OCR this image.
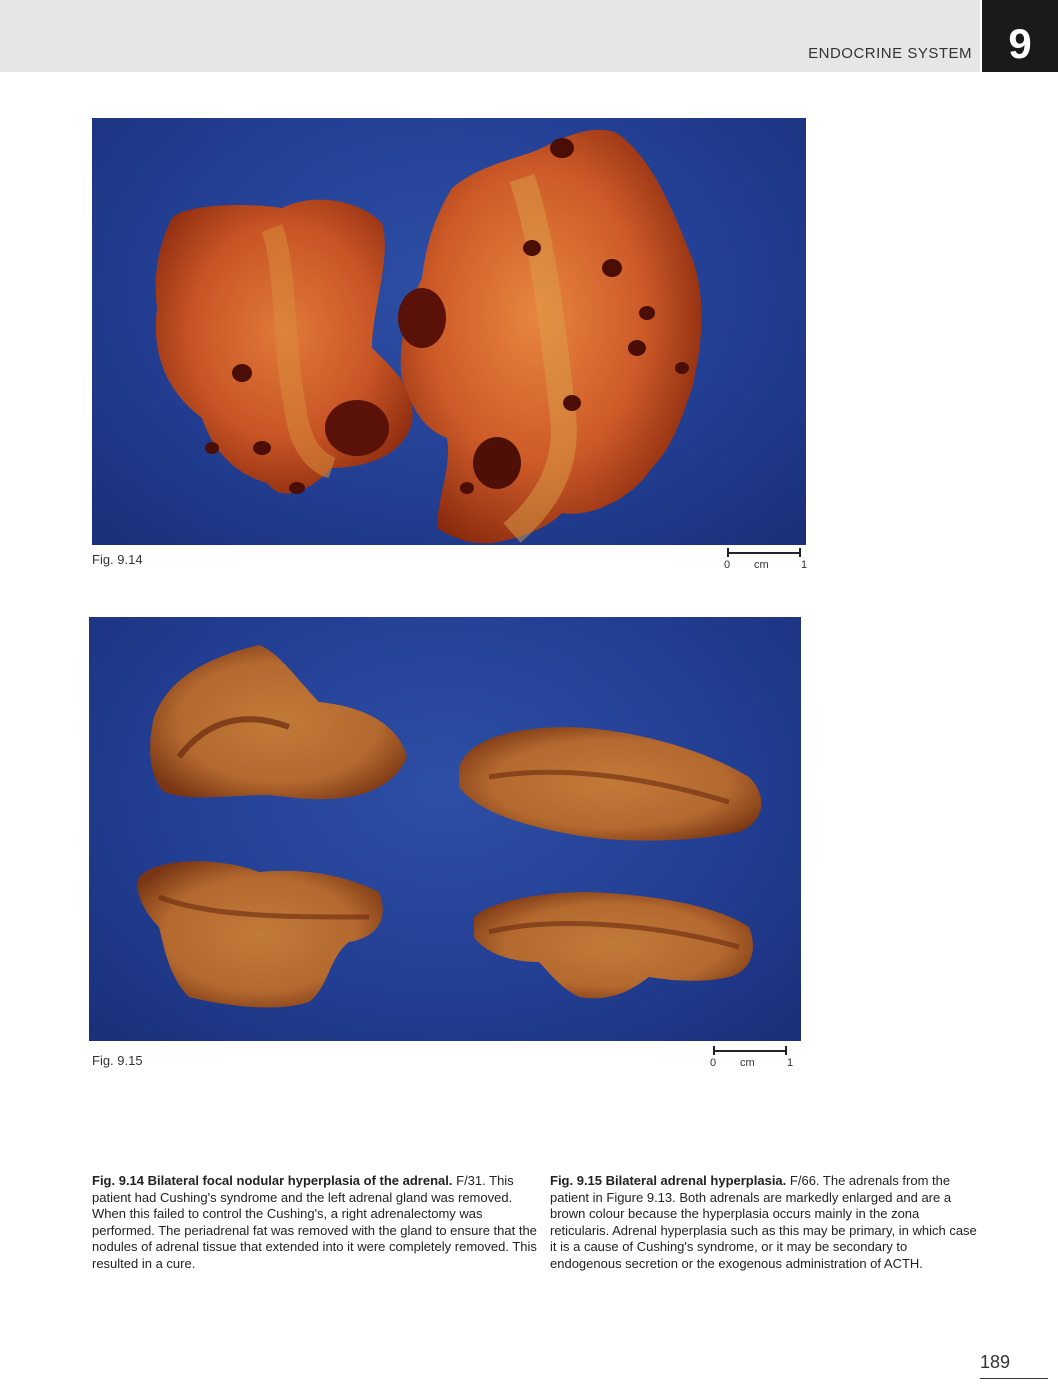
ENDOCRINE SYSTEM 9
Fig. 9.14	0 cm	1
Fig. 9.15	0 cm	1
Fig. 9.14 Bilateral focal nodular hyperplasia of the adrenal. F/31. This patient had Cushing's syndrome and the left adrenal gland was removed. When this failed to control the Cushing's, a right adrenalectomy was performed. The periadrenal fat was removed with the gland to ensure that the nodules of adrenal tissue that extended into it were completely removed. This resulted in a cure.
Fig. 9.15 Bilateral adrenal hyperplasia. F/66. The adrenals from the patient in Figure 9.13. Both adrenals are markedly enlarged and are a brown colour because the hyperplasia occurs mainly in the zona reticularis. Adrenal hyperplasia such as this may be primary, in which case it is a cause of Cushing's syndrome, or it may be secondary to endogenous secretion or the exogenous administration of ACTH.
189
